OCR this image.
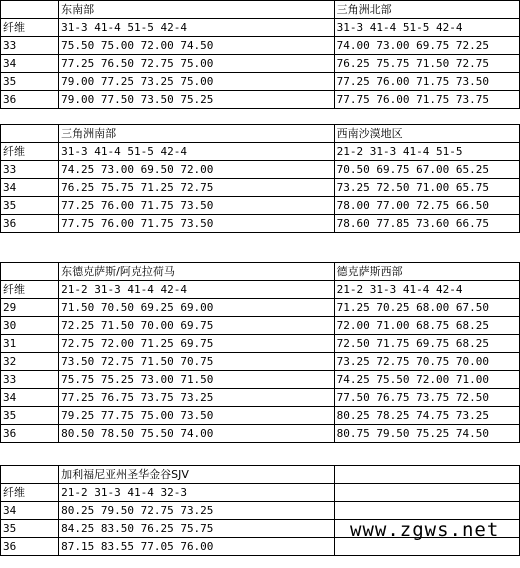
	东南部	三角洲北部
纤维	31-3 41-4 51-5 42-4	31-3 41-4 51-5 42-4
33	75.50 75.00 72.00 74.50	74.00 73.00 69.75 72.25
34	77.25 76.50 72.75 75.00	76.25 75.75 71.50 72.75
35	79.00 77.25 73.25 75.00	77.25 76.00 71.75 73.50
36	79.00 77.50 73.50 75.25	77.75 76.00 71.75 73.75
	三角洲南部	西南沙漠地区
纤维	31-3 41-4 51-5 42-4	21-2 31-3 41-4 51-5
33	74.25 73.00 69.50 72.00	70.50 69.75 67.00 65.25
34	76.25 75.75 71.25 72.75	73.25 72.50 71.00 65.75
35	77.25 76.00 71.75 73.50	78.00 77.00 72.75 66.50
36	77.75 76.00 71.75 73.50	78.60 77.85 73.60 66.75
	东德克萨斯/阿克拉荷马	德克萨斯西部
纤维	21-2 31-3 41-4 42-4	21-2 31-3 41-4 42-4
29	71.50 70.50 69.25 69.00	71.25 70.25 68.00 67.50
30	72.25 71.50 70.00 69.75	72.00 71.00 68.75 68.25
31	72.75 72.00 71.25 69.75	72.50 71.75 69.75 68.25
32	73.50 72.75 71.50 70.75	73.25 72.75 70.75 70.00
33	75.75 75.25 73.00 71.50	74.25 75.50 72.00 71.00
34	77.25 76.75 73.75 73.25	77.50 76.75 73.75 72.50
35	79.25 77.75 75.00 73.50	80.25 78.25 74.75 73.25
36	80.50 78.50 75.50 74.00	80.75 79.50 75.25 74.50
	加利福尼亚州圣华金谷SJV	
纤维	21-2 31-3 41-4 32-3	
34	80.25 79.50 72.75 73.25	
35	84.25 83.50 76.25 75.75	
36	87.15 83.55 77.05 76.00	
www.zgws.net
